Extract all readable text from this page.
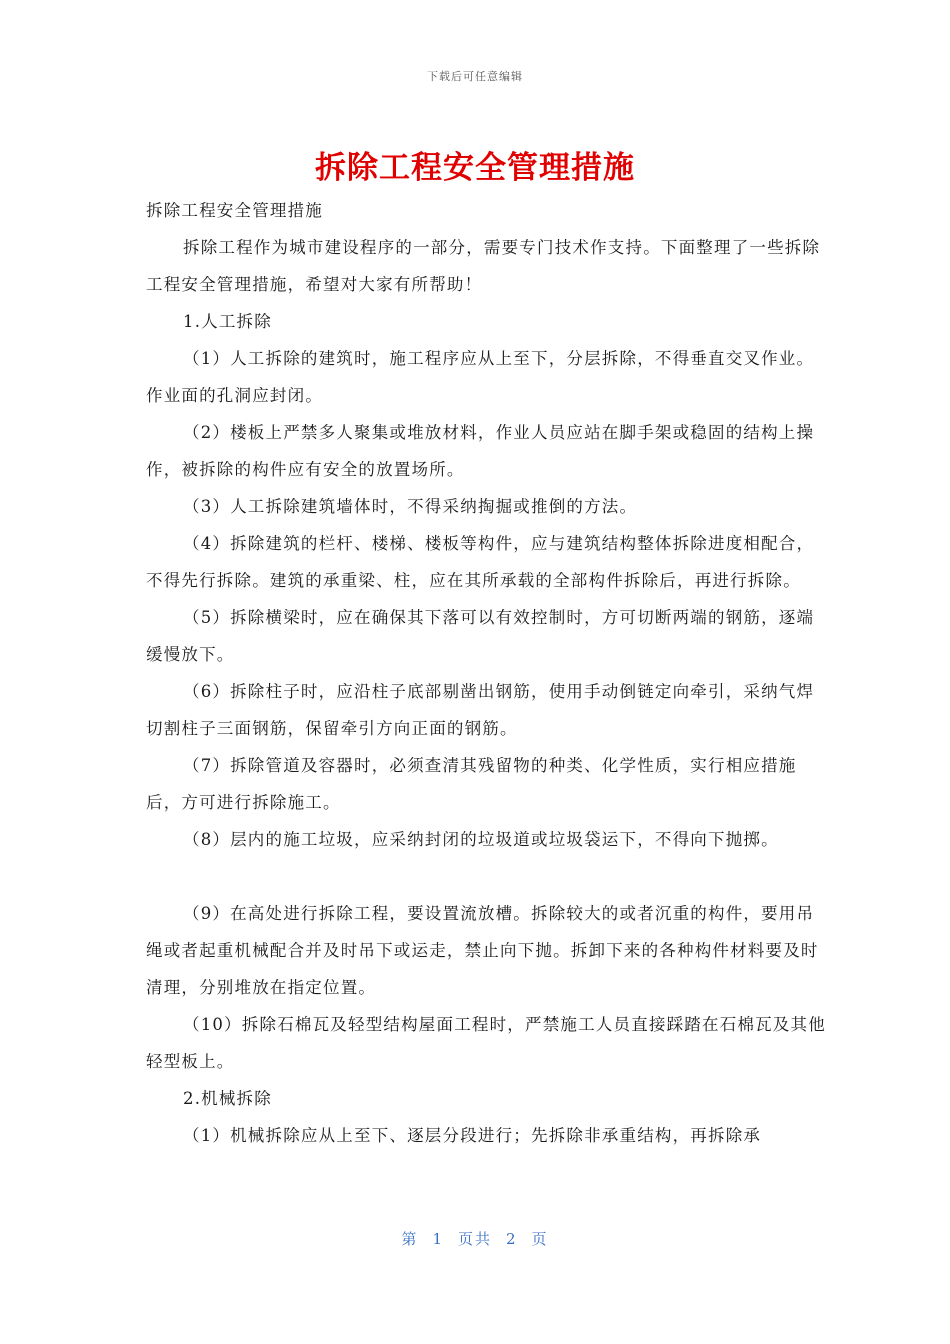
下载后可任意编辑
拆除工程安全管理措施

拆除工程安全管理措施

拆除工程作为城市建设程序的一部分，需要专门技术作支持。下面整理了一些拆除工程安全管理措施，希望对大家有所帮助！

1.人工拆除

（1）人工拆除的建筑时，施工程序应从上至下，分层拆除，不得垂直交叉作业。作业面的孔洞应封闭。

（2）楼板上严禁多人聚集或堆放材料，作业人员应站在脚手架或稳固的结构上操作，被拆除的构件应有安全的放置场所。

（3）人工拆除建筑墙体时，不得采纳掏掘或推倒的方法。

（4）拆除建筑的栏杆、楼梯、楼板等构件，应与建筑结构整体拆除进度相配合，不得先行拆除。建筑的承重梁、柱，应在其所承载的全部构件拆除后，再进行拆除。

（5）拆除横梁时，应在确保其下落可以有效控制时，方可切断两端的钢筋，逐端缓慢放下。

（6）拆除柱子时，应沿柱子底部剔凿出钢筋，使用手动倒链定向牵引，采纳气焊切割柱子三面钢筋，保留牵引方向正面的钢筋。

（7）拆除管道及容器时，必须查清其残留物的种类、化学性质，实行相应措施后，方可进行拆除施工。

（8）层内的施工垃圾，应采纳封闭的垃圾道或垃圾袋运下，不得向下抛掷。

（9）在高处进行拆除工程，要设置流放槽。拆除较大的或者沉重的构件，要用吊绳或者起重机械配合并及时吊下或运走，禁止向下抛。拆卸下来的各种构件材料要及时清理，分别堆放在指定位置。

（10）拆除石棉瓦及轻型结构屋面工程时，严禁施工人员直接踩踏在石棉瓦及其他轻型板上。

2.机械拆除

（1）机械拆除应从上至下、逐层分段进行；先拆除非承重结构，再拆除承

第 1 页共 2 页
